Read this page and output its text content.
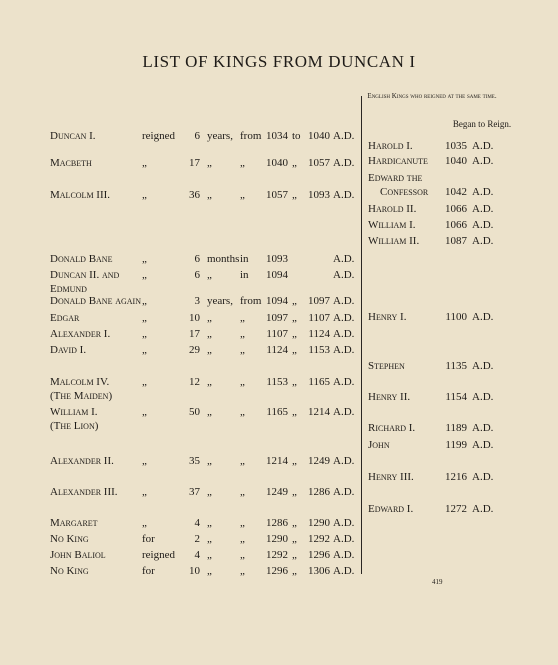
LIST OF KINGS FROM DUNCAN I
English Kings who reigned at the same time.
Began to Reign.
Duncan I.	reigned	6 years, from 1034 to 1040 A.D.
Macbeth	„	17 „	„	1040 „	1057 A.D.
Malcolm III.	„	36 „	„	1057 „	1093 A.D.
Donald Bane	„	6 months in	1093	A.D.
Duncan II. and
Edmund
„	6 „	in	1094	A.D.
Donald Bane again „	3 years, from 1094 „	1097 A.D.
Edgar	„	10 „	„	1097 „	1107 A.D.
Alexander I.	„	17 „	„	1107 „	1124 A.D.
David I.	„	29 „	„	1124 „	1153 A.D.
Malcolm IV.
(The Maiden)
„	12 „	„	1153 „	1165 A.D.
William I.
(The Lion)
„	50 „	„	1165 „	1214 A.D.
Alexander II.	„	35 „	„	1214 „	1249 A.D.
Alexander III. „	37 „	„	1249 „	1286 A.D.
Margaret	„	4 „	„	1286 „	1290 A.D.
No King	for	2 „	„	1290 „	1292 A.D.
John Baliol	reigned	4 „	„	1292 „	1296 A.D.
No King	for	10 „	„	1296 „	1306 A.D.
Harold I.	1035 A.D.
Hardicanute	1040 A.D.
Edward the
Confessor	1042 A.D.
Harold II.	1066 A.D.
William I.	1066 A.D.
William II.	1087 A.D.
Henry I.	1100 A.D.
Stephen	1135 A.D.
Henry II.	1154 A.D.
Richard I.	1189 A.D.
John	1199 A.D.
Henry III.	1216 A.D.
Edward I.	1272 A.D.
419
